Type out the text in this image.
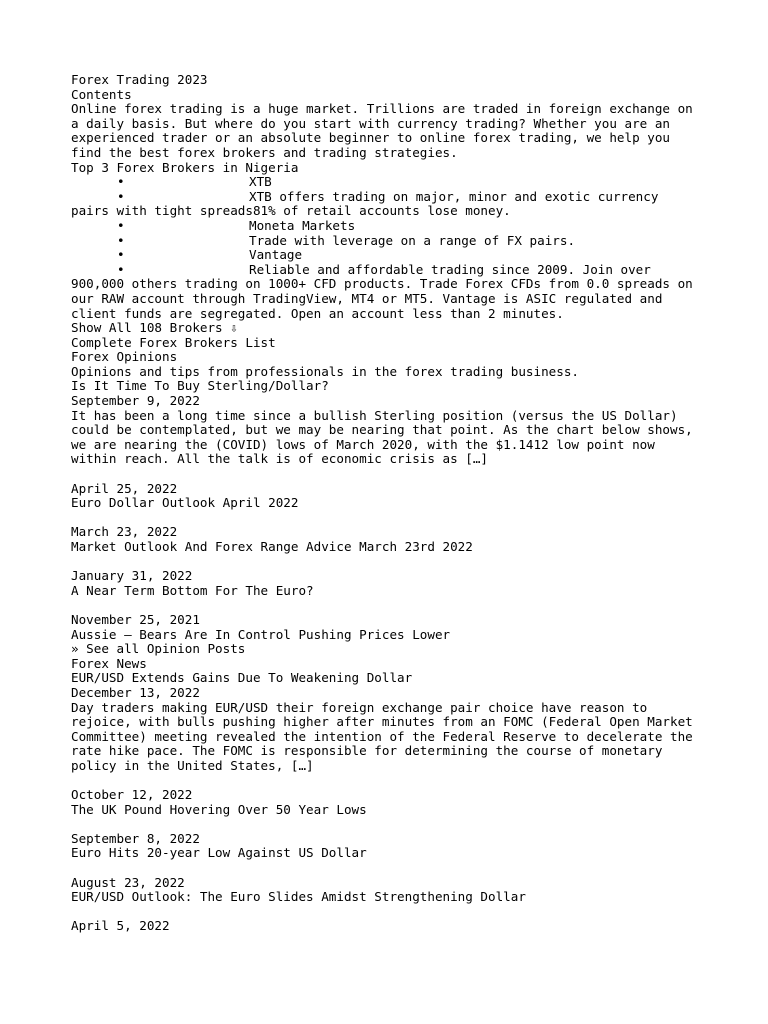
Forex Trading 2023
Contents
Online forex trading is a huge market. Trillions are traded in foreign exchange on a daily basis. But where do you start with currency trading? Whether you are an experienced trader or an absolute beginner to online forex trading, we help you find the best forex brokers and trading strategies.
Top 3 Forex Brokers in Nigeria
•	XTB
•	XTB offers trading on major, minor and exotic currency
pairs with tight spreads81% of retail accounts lose money.
•	Moneta Markets
•	Trade with leverage on a range of FX pairs.
•	Vantage
•	Reliable and affordable trading since 2009. Join over
900,000 others trading on 1000+ CFD products. Trade Forex CFDs from 0.0 spreads on our RAW account through TradingView, MT4 or MT5. Vantage is ASIC regulated and client funds are segregated. Open an account less than 2 minutes.
Show All 108 Brokers ⇩
Complete Forex Brokers List
Forex Opinions
Opinions and tips from professionals in the forex trading business.
Is It Time To Buy Sterling/Dollar?
September 9, 2022
It has been a long time since a bullish Sterling position (versus the US Dollar) could be contemplated, but we may be nearing that point. As the chart below shows, we are nearing the (COVID) lows of March 2020, with the $1.1412 low point now within reach. All the talk is of economic crisis as […]
April 25, 2022
Euro Dollar Outlook April 2022
March 23, 2022
Market Outlook And Forex Range Advice March 23rd 2022
January 31, 2022
A Near Term Bottom For The Euro?
November 25, 2021
Aussie – Bears Are In Control Pushing Prices Lower
» See all Opinion Posts
Forex News
EUR/USD Extends Gains Due To Weakening Dollar
December 13, 2022
Day traders making EUR/USD their foreign exchange pair choice have reason to rejoice, with bulls pushing higher after minutes from an FOMC (Federal Open Market Committee) meeting revealed the intention of the Federal Reserve to decelerate the rate hike pace. The FOMC is responsible for determining the course of monetary policy in the United States, […]
October 12, 2022
The UK Pound Hovering Over 50 Year Lows
September 8, 2022
Euro Hits 20-year Low Against US Dollar
August 23, 2022
EUR/USD Outlook: The Euro Slides Amidst Strengthening Dollar
April 5, 2022
